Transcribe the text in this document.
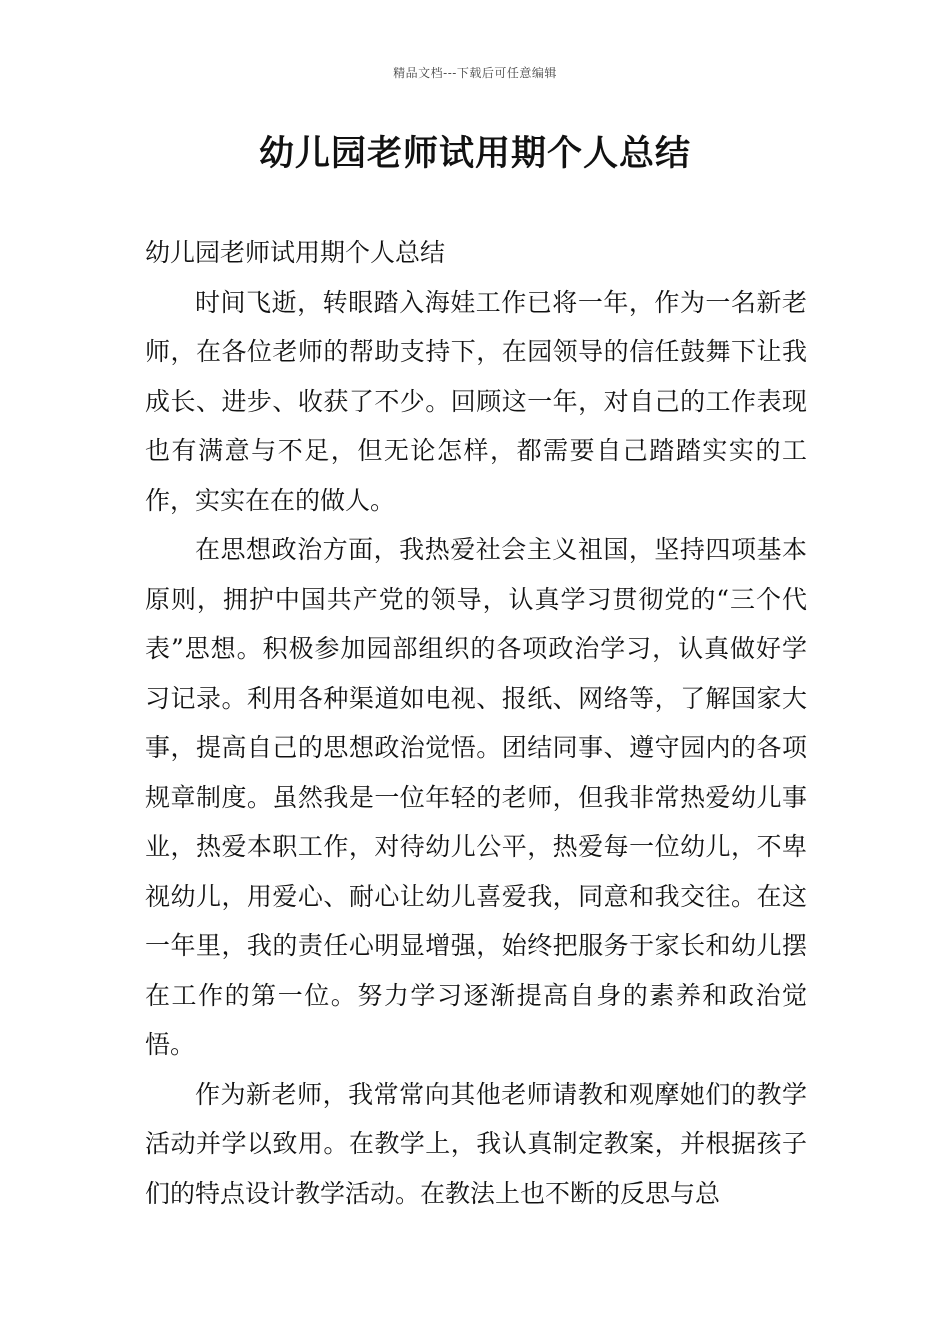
精品文档---下载后可任意编辑
幼儿园老师试用期个人总结

幼儿园老师试用期个人总结

时间飞逝，转眼踏入海娃工作已将一年，作为一名新老师，在各位老师的帮助支持下，在园领导的信任鼓舞下让我成长、进步、收获了不少。回顾这一年，对自己的工作表现也有满意与不足，但无论怎样，都需要自己踏踏实实的工作，实实在在的做人。

在思想政治方面，我热爱社会主义祖国，坚持四项基本原则，拥护中国共产党的领导，认真学习贯彻党的“三个代表”思想。积极参加园部组织的各项政治学习，认真做好学习记录。利用各种渠道如电视、报纸、网络等，了解国家大事，提高自己的思想政治觉悟。团结同事、遵守园内的各项规章制度。虽然我是一位年轻的老师，但我非常热爱幼儿事业，热爱本职工作，对待幼儿公平，热爱每一位幼儿，不卑视幼儿，用爱心、耐心让幼儿喜爱我，同意和我交往。在这一年里，我的责任心明显增强，始终把服务于家长和幼儿摆在工作的第一位。努力学习逐渐提高自身的素养和政治觉悟。

作为新老师，我常常向其他老师请教和观摩她们的教学活动并学以致用。在教学上，我认真制定教案，并根据孩子们的特点设计教学活动。在教法上也不断的反思与总
